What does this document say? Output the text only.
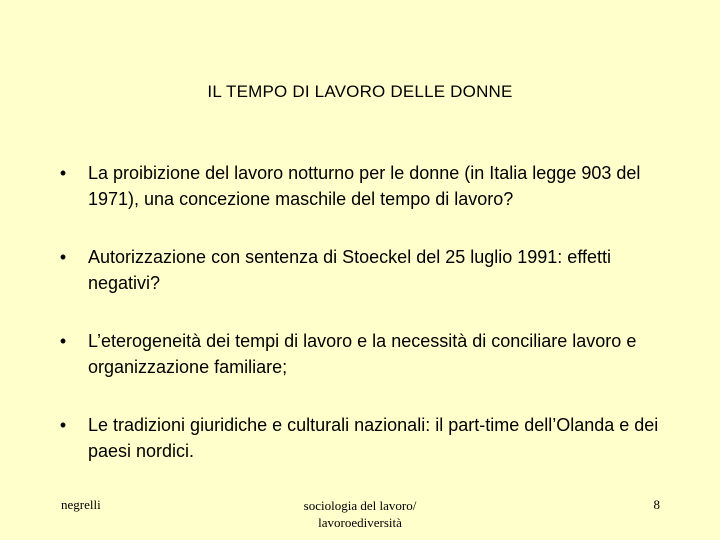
IL TEMPO DI LAVORO DELLE DONNE
• La proibizione del lavoro notturno per le donne (in Italia legge 903 del 1971), una concezione maschile del tempo di lavoro?
• Autorizzazione con sentenza di Stoeckel del 25 luglio 1991: effetti negativi?
• L’eterogeneità dei tempi di lavoro e la necessità di conciliare lavoro e organizzazione familiare;
• Le tradizioni giuridiche e culturali nazionali: il part-time dell’Olanda e dei paesi nordici.
negrelli	sociologia del lavoro/
lavoroediversità
8
